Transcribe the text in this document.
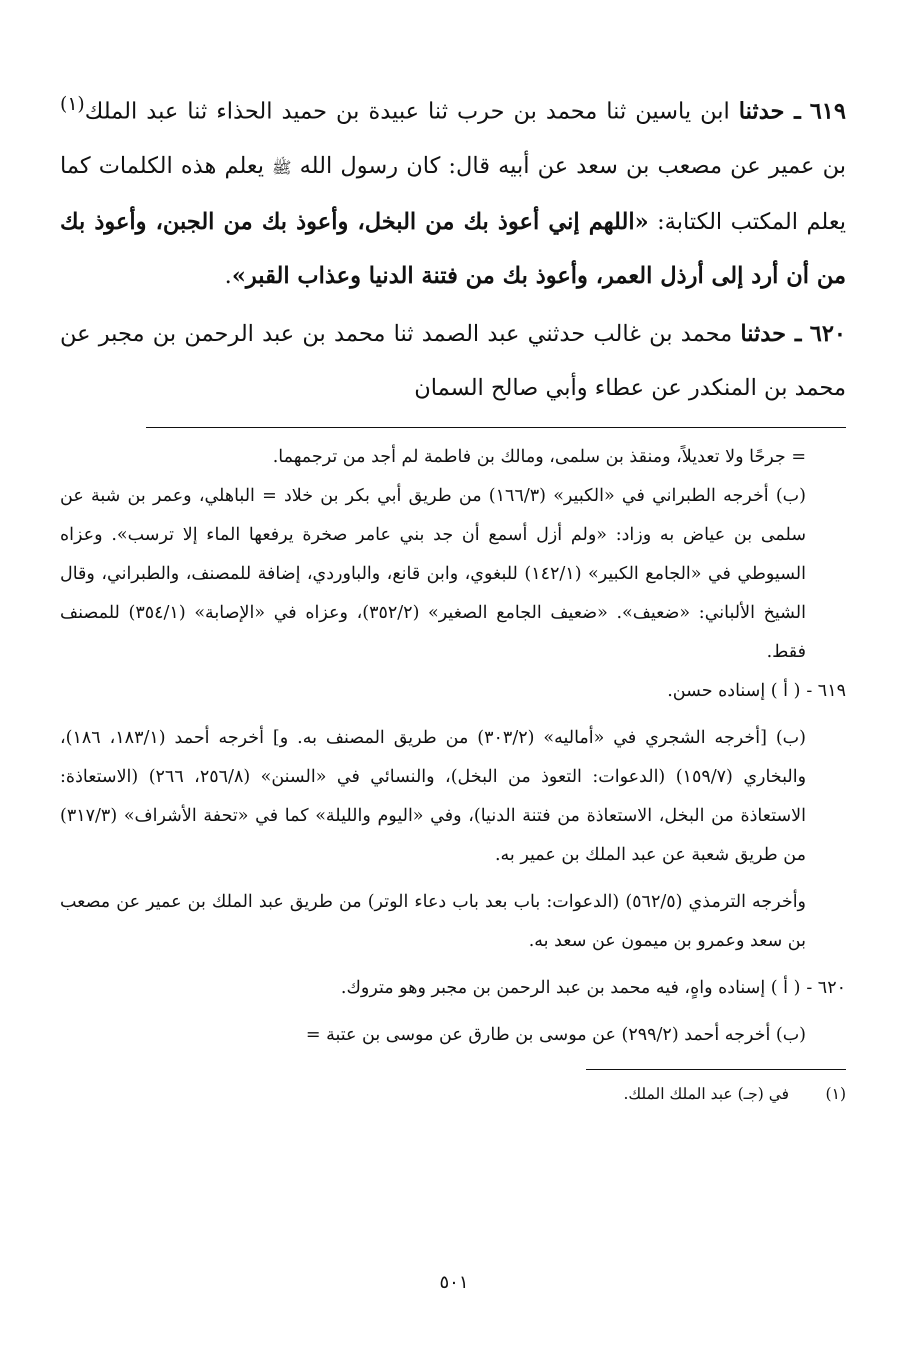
٦١٩ ـ حدثنا ابن ياسين ثنا محمد بن حرب ثنا عبيدة بن حميد الحذاء ثنا عبد الملك$^{(١)}$ بن عمير عن مصعب بن سعد عن أبيه قال: كان رسول الله ﷺ يعلم هذه الكلمات كما يعلم المكتب الكتابة: «اللهم إني أعوذ بك من البخل، وأعوذ بك من الجبن، وأعوذ بك من أن أرد إلى أرذل العمر، وأعوذ بك من فتنة الدنيا وعذاب القبر».

٦٢٠ ـ حدثنا محمد بن غالب حدثني عبد الصمد ثنا محمد بن عبد الرحمن بن مجبر عن محمد بن المنكدر عن عطاء وأبي صالح السمان

= جرحًا ولا تعديلاً، ومنقذ بن سلمى، ومالك بن فاطمة لم أجد من ترجمهما.

(ب) أخرجه الطبراني في «الكبير» (١٦٦/٣) من طريق أبي بكر بن خلاد = الباهلي، وعمر بن شبة عن سلمى بن عياض به وزاد: «ولم أزل أسمع أن جد بني عامر صخرة يرفعها الماء إلا ترسب». وعزاه السيوطي في «الجامع الكبير» (١٤٢/١) للبغوي، وابن قانع، والباوردي، إضافة للمصنف، والطبراني، وقال الشيخ الألباني: «ضعيف». «ضعيف الجامع الصغير» (٣٥٢/٢)، وعزاه في «الإصابة» (٣٥٤/١) للمصنف فقط.

٦١٩ - ( أ ) إسناده حسن.

(ب) [أخرجه الشجري في «أماليه» (٣٠٣/٢) من طريق المصنف به. و] أخرجه أحمد (١٨٣/١، ١٨٦)، والبخاري (١٥٩/٧) (الدعوات: التعوذ من البخل)، والنسائي في «السنن» (٢٥٦/٨، ٢٦٦) (الاستعاذة: الاستعاذة من البخل، الاستعاذة من فتنة الدنيا)، وفي «اليوم والليلة» كما في «تحفة الأشراف» (٣١٧/٣) من طريق شعبة عن عبد الملك بن عمير به.

وأخرجه الترمذي (٥٦٢/٥) (الدعوات: باب بعد باب دعاء الوتر) من طريق عبد الملك بن عمير عن مصعب بن سعد وعمرو بن ميمون عن سعد به.

٦٢٠ - ( أ ) إسناده واهٍ، فيه محمد بن عبد الرحمن بن مجبر وهو متروك.

(ب) أخرجه أحمد (٢٩٩/٢) عن موسى بن طارق عن موسى بن عتبة =

(١) في (جـ) عبد الملك الملك.

٥٠١
